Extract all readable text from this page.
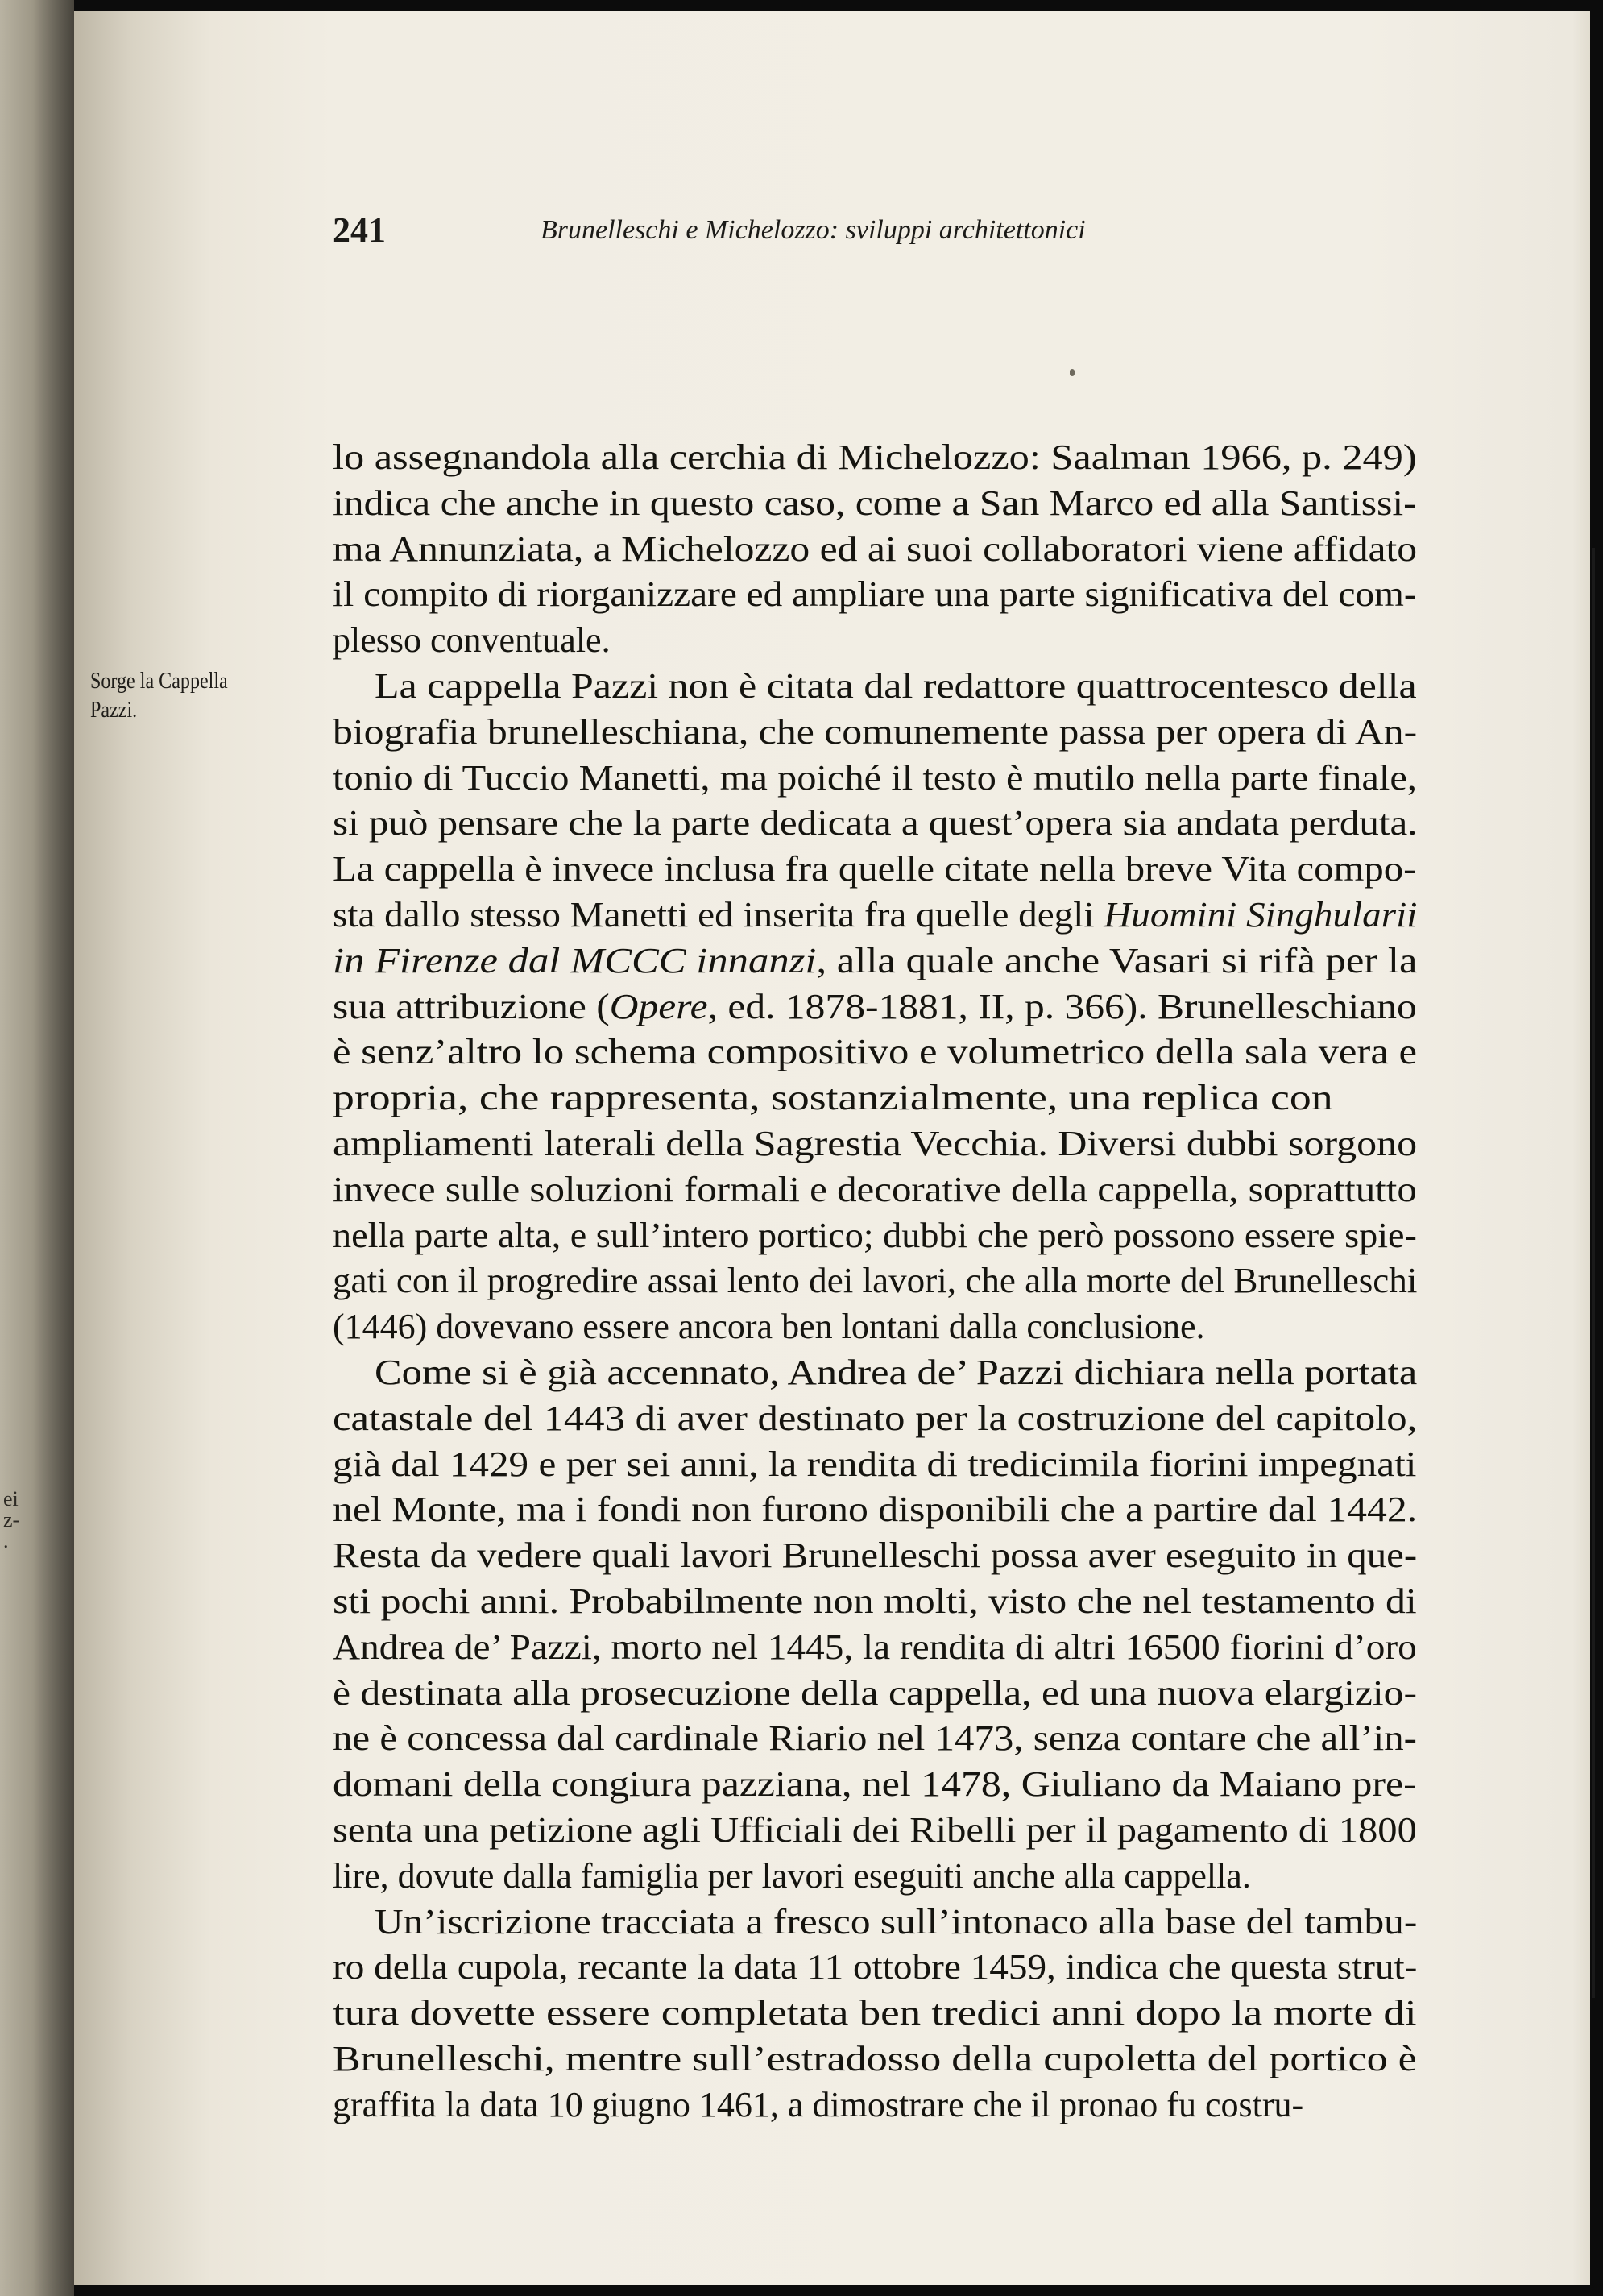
ei
z-
.
241	Brunelleschi e Michelozzo: sviluppi architettonici
Sorge la Cappella
Pazzi.
lo assegnandola alla cerchia di Michelozzo: Saalman 1966, p. 249)
indica che anche in questo caso, come a San Marco ed alla Santissi-
ma Annunziata, a Michelozzo ed ai suoi collaboratori viene affidato
il compito di riorganizzare ed ampliare una parte significativa del com-
plesso conventuale.
La cappella Pazzi non è citata dal redattore quattrocentesco della
biografia brunelleschiana, che comunemente passa per opera di An-
tonio di Tuccio Manetti, ma poiché il testo è mutilo nella parte finale,
si può pensare che la parte dedicata a quest’opera sia andata perduta.
La cappella è invece inclusa fra quelle citate nella breve Vita compo-
sta dallo stesso Manetti ed inserita fra quelle degli Huomini Singhularii
in Firenze dal MCCC innanzi, alla quale anche Vasari si rifà per la
sua attribuzione (Opere, ed. 1878-1881, II, p. 366). Brunelleschiano
è senz’altro lo schema compositivo e volumetrico della sala vera e
propria, che rappresenta, sostanzialmente, una replica con
ampliamenti laterali della Sagrestia Vecchia. Diversi dubbi sorgono
invece sulle soluzioni formali e decorative della cappella, soprattutto
nella parte alta, e sull’intero portico; dubbi che però possono essere spie-
gati con il progredire assai lento dei lavori, che alla morte del Brunelleschi
(1446) dovevano essere ancora ben lontani dalla conclusione.
Come si è già accennato, Andrea de’ Pazzi dichiara nella portata
catastale del 1443 di aver destinato per la costruzione del capitolo,
già dal 1429 e per sei anni, la rendita di tredicimila fiorini impegnati
nel Monte, ma i fondi non furono disponibili che a partire dal 1442.
Resta da vedere quali lavori Brunelleschi possa aver eseguito in que-
sti pochi anni. Probabilmente non molti, visto che nel testamento di
Andrea de’ Pazzi, morto nel 1445, la rendita di altri 16500 fiorini d’oro
è destinata alla prosecuzione della cappella, ed una nuova elargizio-
ne è concessa dal cardinale Riario nel 1473, senza contare che all’in-
domani della congiura pazziana, nel 1478, Giuliano da Maiano pre-
senta una petizione agli Ufficiali dei Ribelli per il pagamento di 1800
lire, dovute dalla famiglia per lavori eseguiti anche alla cappella.
Un’iscrizione tracciata a fresco sull’intonaco alla base del tambu-
ro della cupola, recante la data 11 ottobre 1459, indica che questa strut-
tura dovette essere completata ben tredici anni dopo la morte di
Brunelleschi, mentre sull’estradosso della cupoletta del portico è
graffita la data 10 giugno 1461, a dimostrare che il pronao fu costru-
